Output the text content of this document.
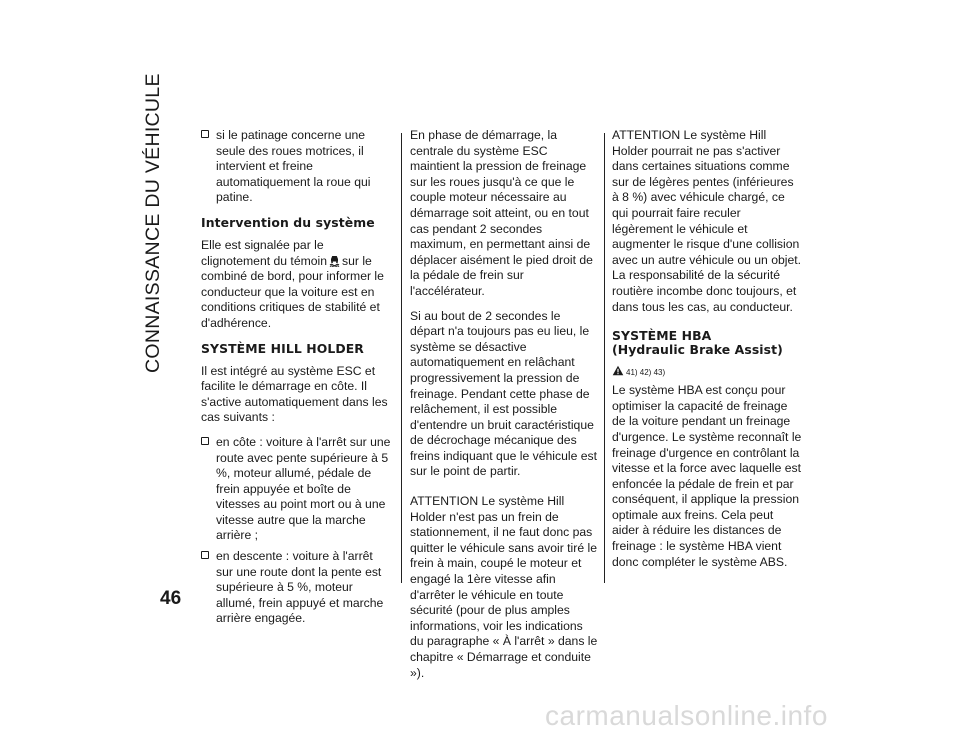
CONNAISSANCE DU VÉHICULE	si le patinage concerne une seule des roues motrices, il intervient et freine automatiquement la roue qui patine.
Intervention du système

Elle est signalée par le clignotement du témoin sur le combiné de bord, pour informer le conducteur que la voiture est en conditions critiques de stabilité et d'adhérence.

SYSTÈME HILL HOLDER

Il est intégré au système ESC et facilite le démarrage en côte. Il s'active automatiquement dans les cas suivants :

en côte : voiture à l'arrêt sur une route avec pente supérieure à 5 %, moteur allumé, pédale de frein appuyée et boîte de vitesses au point mort ou à une vitesse autre que la marche arrière ;
en descente : voiture à l'arrêt sur une route dont la pente est supérieure à 5 %, moteur allumé, frein appuyé et marche arrière engagée.

En phase de démarrage, la centrale du système ESC maintient la pression de freinage sur les roues jusqu'à ce que le couple moteur nécessaire au démarrage soit atteint, ou en tout cas pendant 2 secondes maximum, en permettant ainsi de déplacer aisément le pied droit de la pédale de frein sur l'accélérateur.

Si au bout de 2 secondes le départ n'a toujours pas eu lieu, le système se désactive automatiquement en relâchant progressivement la pression de freinage. Pendant cette phase de relâchement, il est possible d'entendre un bruit caractéristique de décrochage mécanique des freins indiquant que le véhicule est sur le point de partir.

ATTENTION Le système Hill Holder n'est pas un frein de stationnement, il ne faut donc pas quitter le véhicule sans avoir tiré le frein à main, coupé le moteur et engagé la 1ère vitesse afin d'arrêter le véhicule en toute sécurité (pour de plus amples informations, voir les indications du paragraphe « À l'arrêt » dans le chapitre « Démarrage et conduite »).

ATTENTION Le système Hill Holder pourrait ne pas s'activer dans certaines situations comme sur de légères pentes (inférieures à 8 %) avec véhicule chargé, ce qui pourrait faire reculer légèrement le véhicule et augmenter le risque d'une collision avec un autre véhicule ou un objet. La responsabilité de la sécurité routière incombe donc toujours, et dans tous les cas, au conducteur.

SYSTÈME HBA
(Hydraulic Brake Assist)
41) 42) 43)

Le système HBA est conçu pour optimiser la capacité de freinage de la voiture pendant un freinage d'urgence. Le système reconnaît le freinage d'urgence en contrôlant la vitesse et la force avec laquelle est enfoncée la pédale de frein et par conséquent, il applique la pression optimale aux freins. Cela peut aider à réduire les distances de freinage : le système HBA vient donc compléter le système ABS.

46
carmanualsonline.info
